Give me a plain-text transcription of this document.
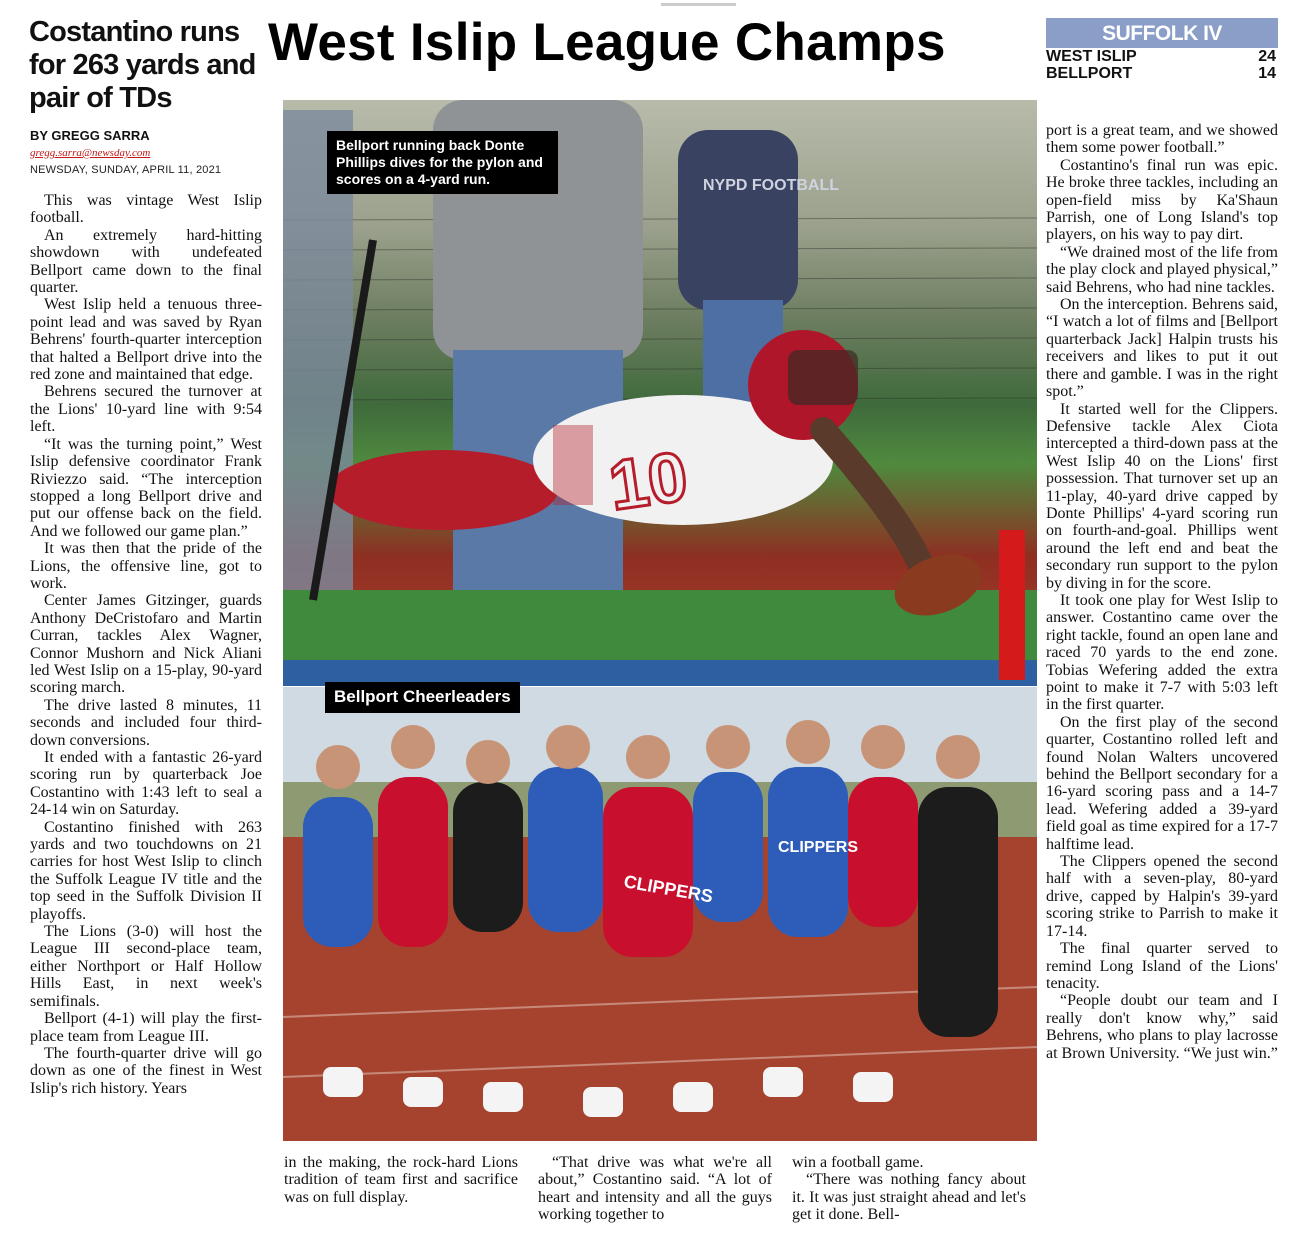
Costantino runs for 263 yards and pair of TDs
BY GREGG SARRA
gregg.sarra@newsday.com
NEWSDAY, SUNDAY, APRIL 11, 2021
West Islip League Champs	SUFFOLK IV
WEST ISLIP	24
BELLPORT	14

This was vintage West Islip football.

An extremely hard-hitting showdown with undefeated Bellport came down to the final quarter.

West Islip held a tenuous three-point lead and was saved by Ryan Behrens' fourth-quarter interception that halted a Bellport drive into the red zone and maintained that edge.

Behrens secured the turnover at the Lions' 10-yard line with 9:54 left.

“It was the turning point,” West Islip defensive coordinator Frank Riviezzo said. “The interception stopped a long Bellport drive and put our offense back on the field. And we followed our game plan.”

It was then that the pride of the Lions, the offensive line, got to work.

Center James Gitzinger, guards Anthony DeCristofaro and Martin Curran, tackles Alex Wagner, Connor Mushorn and Nick Aliani led West Islip on a 15-play, 90-yard scoring march.

The drive lasted 8 minutes, 11 seconds and included four third-down conversions.

It ended with a fantastic 26-yard scoring run by quarterback Joe Costantino with 1:43 left to seal a 24-14 win on Saturday.

Costantino finished with 263 yards and two touchdowns on 21 carries for host West Islip to clinch the Suffolk League IV title and the top seed in the Suffolk Division II playoffs.

The Lions (3-0) will host the League III second-place team, either Northport or Half Hollow Hills East, in next week's semifinals.

Bellport (4-1) will play the first-place team from League III.

The fourth-quarter drive will go down as one of the finest in West Islip's rich history. Years

10
NYPD FOOTBALL
Bellport running back Donte Phillips dives for the pylon and scores on a 4-yard run.
CLIPPERS
CLIPPERS
Bellport Cheerleaders

in the making, the rock-hard Lions tradition of team first and sacrifice was on full display.

“That drive was what we're all about,” Costantino said. “A lot of heart and intensity and all the guys working together to

win a football game.

“There was nothing fancy about it. It was just straight ahead and let's get it done. Bell-

port is a great team, and we showed them some power football.”

Costantino's final run was epic. He broke three tackles, including an open-field miss by Ka'Shaun Parrish, one of Long Island's top players, on his way to pay dirt.

“We drained most of the life from the play clock and played physical,” said Behrens, who had nine tackles.

On the interception. Behrens said, “I watch a lot of films and [Bellport quarterback Jack] Halpin trusts his receivers and likes to put it out there and gamble. I was in the right spot.”

It started well for the Clippers. Defensive tackle Alex Ciota intercepted a third-down pass at the West Islip 40 on the Lions' first possession. That turnover set up an 11-play, 40-yard drive capped by Donte Phillips' 4-yard scoring run on fourth-and-goal. Phillips went around the left end and beat the secondary run support to the pylon by diving in for the score.

It took one play for West Islip to answer. Costantino came over the right tackle, found an open lane and raced 70 yards to the end zone. Tobias Wefering added the extra point to make it 7-7 with 5:03 left in the first quarter.

On the first play of the second quarter, Costantino rolled left and found Nolan Walters uncovered behind the Bellport secondary for a 16-yard scoring pass and a 14-7 lead. Wefering added a 39-yard field goal as time expired for a 17-7 halftime lead.

The Clippers opened the second half with a seven-play, 80-yard drive, capped by Halpin's 39-yard scoring strike to Parrish to make it 17-14.

The final quarter served to remind Long Island of the Lions' tenacity.

“People doubt our team and I really don't know why,” said Behrens, who plans to play lacrosse at Brown University. “We just win.”
